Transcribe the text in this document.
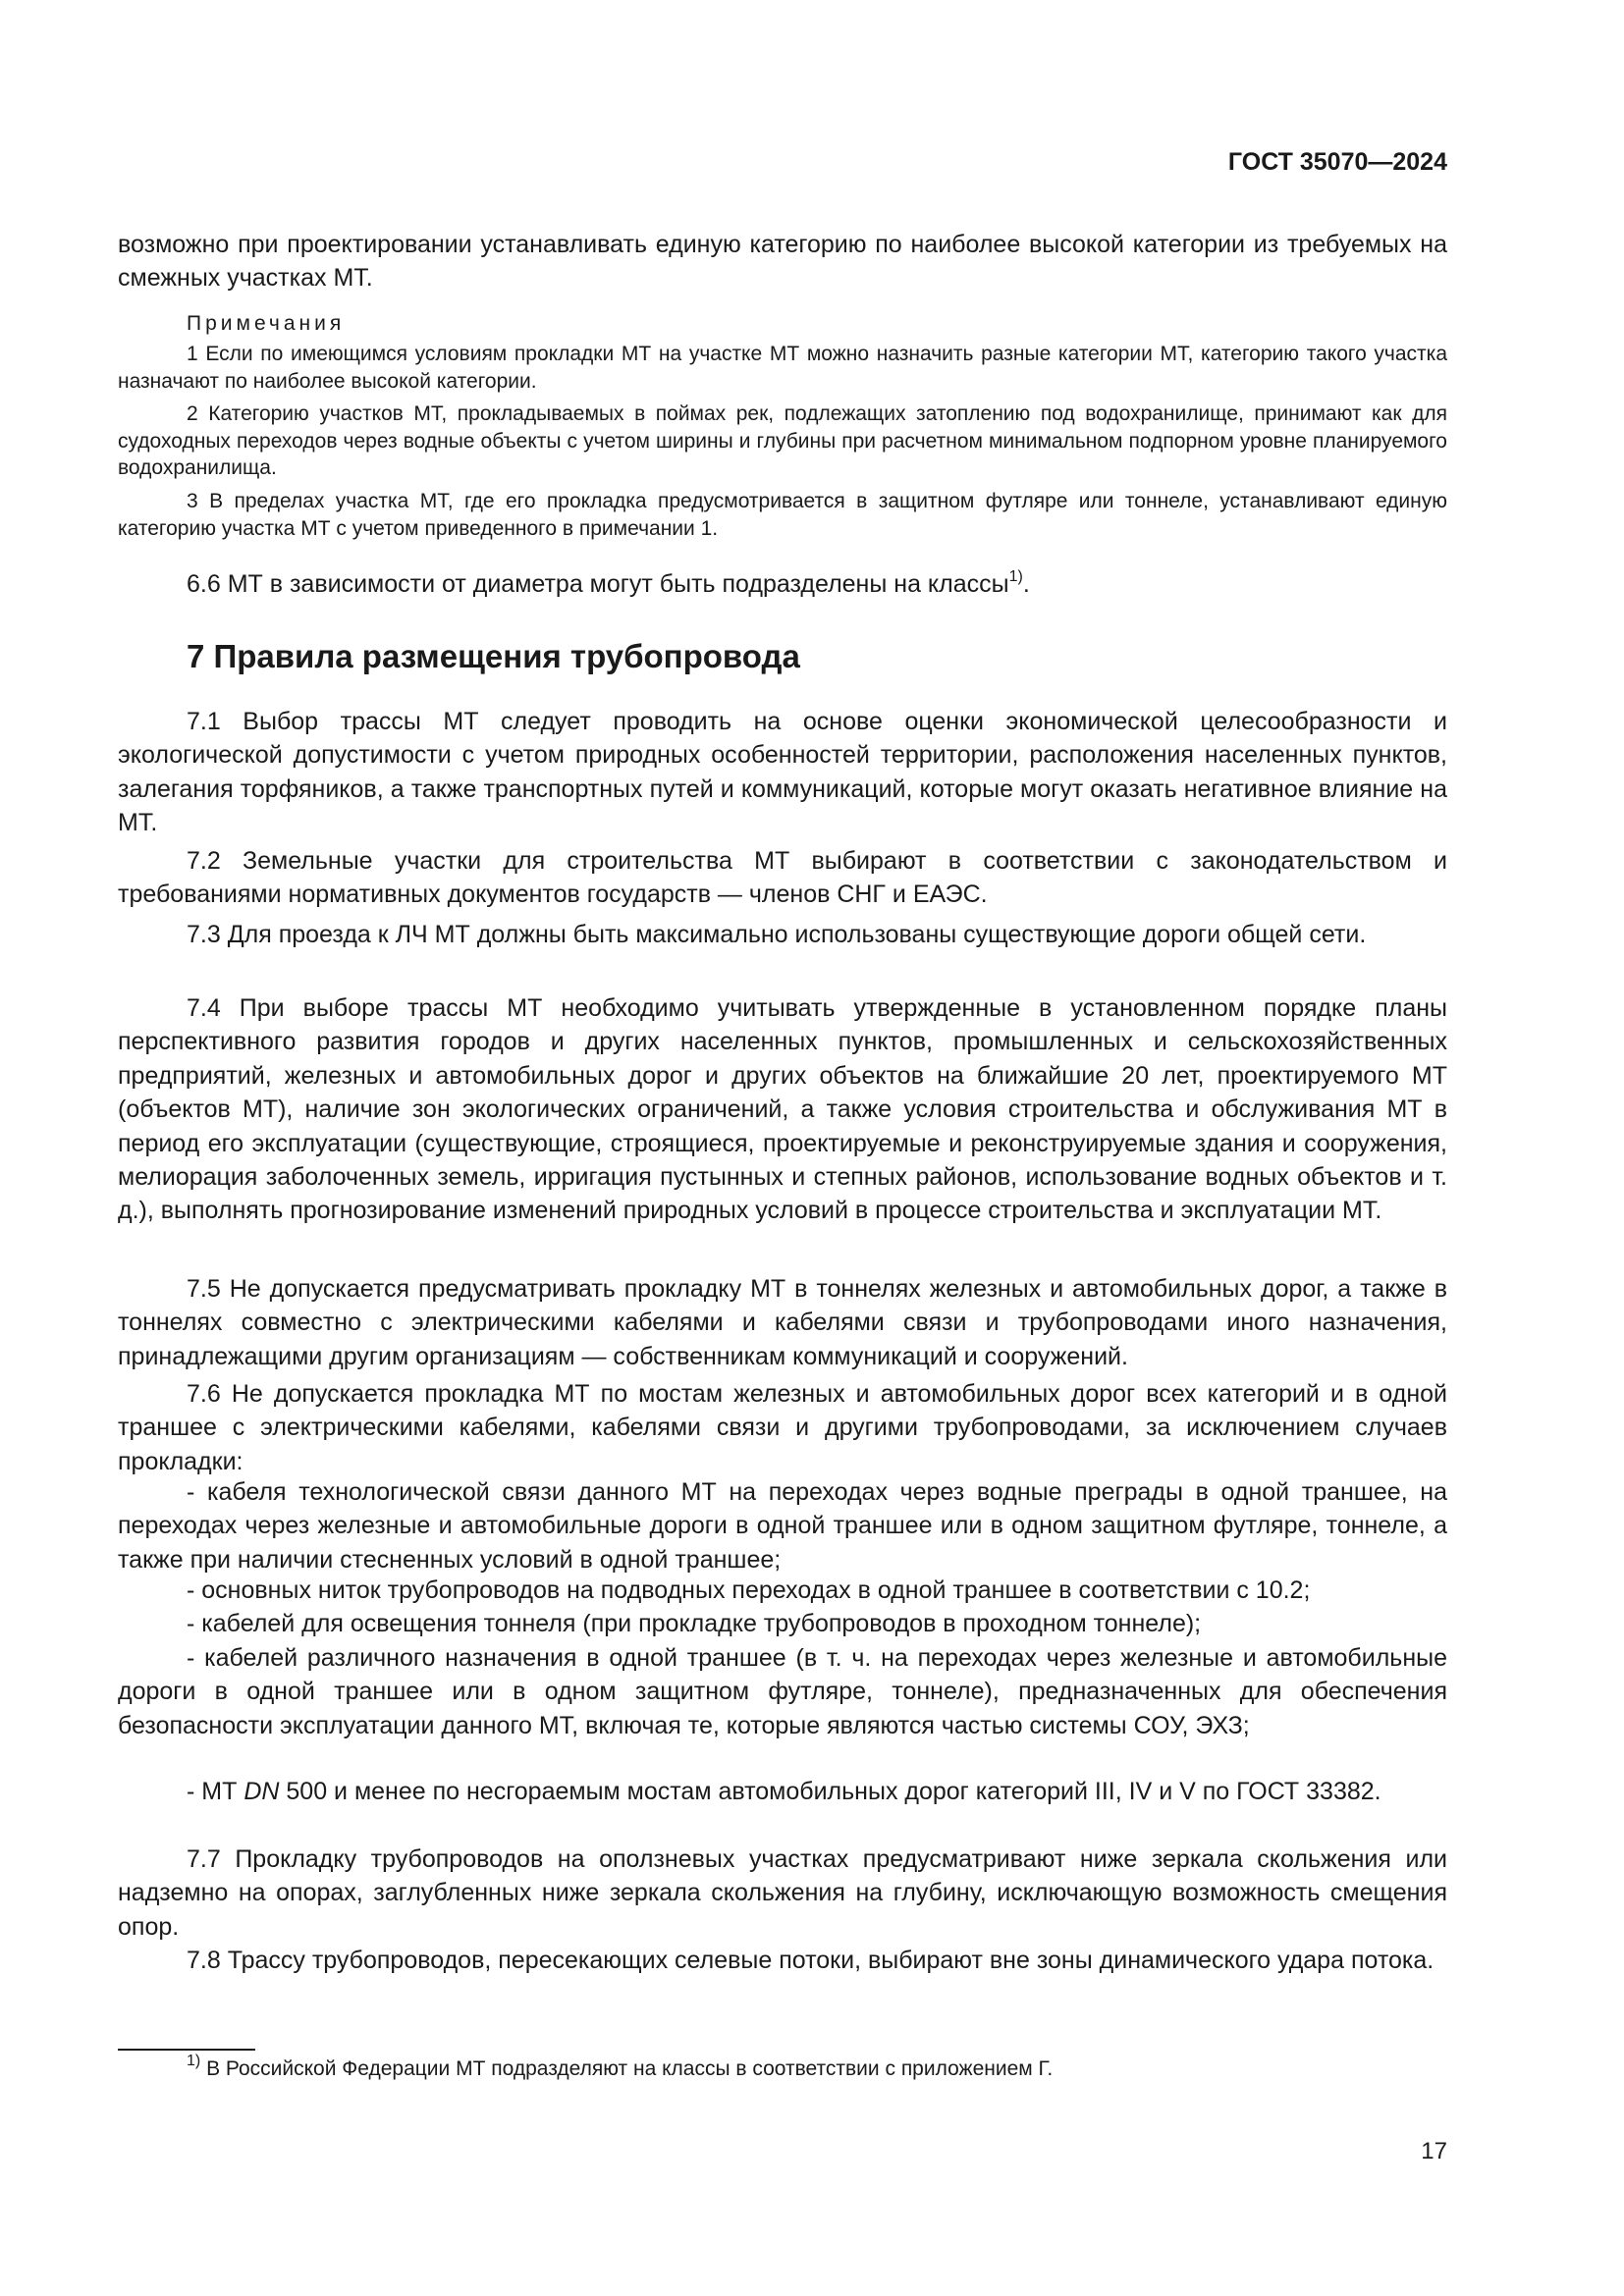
ГОСТ 35070—2024
возможно при проектировании устанавливать единую категорию по наиболее высокой категории из требуемых на смежных участках МТ.
Примечания
1 Если по имеющимся условиям прокладки МТ на участке МТ можно назначить разные категории МТ, категорию такого участка назначают по наиболее высокой категории.
2 Категорию участков МТ, прокладываемых в поймах рек, подлежащих затоплению под водохранилище, принимают как для судоходных переходов через водные объекты с учетом ширины и глубины при расчетном минимальном подпорном уровне планируемого водохранилища.
3 В пределах участка МТ, где его прокладка предусмотривается в защитном футляре или тоннеле, устанавливают единую категорию участка МТ с учетом приведенного в примечании 1.
6.6 МТ в зависимости от диаметра могут быть подразделены на классы$^{1)}$.
7 Правила размещения трубопровода
7.1 Выбор трассы МТ следует проводить на основе оценки экономической целесообразности и экологической допустимости с учетом природных особенностей территории, расположения населенных пунктов, залегания торфяников, а также транспортных путей и коммуникаций, которые могут оказать негативное влияние на МТ.
7.2 Земельные участки для строительства МТ выбирают в соответствии с законодательством и требованиями нормативных документов государств — членов СНГ и ЕАЭС.
7.3 Для проезда к ЛЧ МТ должны быть максимально использованы существующие дороги общей сети.
7.4 При выборе трассы МТ необходимо учитывать утвержденные в установленном порядке планы перспективного развития городов и других населенных пунктов, промышленных и сельскохозяйственных предприятий, железных и автомобильных дорог и других объектов на ближайшие 20 лет, проектируемого МТ (объектов МТ), наличие зон экологических ограничений, а также условия строительства и обслуживания МТ в период его эксплуатации (существующие, строящиеся, проектируемые и реконструируемые здания и сооружения, мелиорация заболоченных земель, ирригация пустынных и степных районов, использование водных объектов и т. д.), выполнять прогнозирование изменений природных условий в процессе строительства и эксплуатации МТ.
7.5 Не допускается предусматривать прокладку МТ в тоннелях железных и автомобильных дорог, а также в тоннелях совместно с электрическими кабелями и кабелями связи и трубопроводами иного назначения, принадлежащими другим организациям — собственникам коммуникаций и сооружений.
7.6 Не допускается прокладка МТ по мостам железных и автомобильных дорог всех категорий и в одной траншее с электрическими кабелями, кабелями связи и другими трубопроводами, за исключением случаев прокладки:
- кабеля технологической связи данного МТ на переходах через водные преграды в одной траншее, на переходах через железные и автомобильные дороги в одной траншее или в одном защитном футляре, тоннеле, а также при наличии стесненных условий в одной траншее;
- основных ниток трубопроводов на подводных переходах в одной траншее в соответствии с 10.2;
- кабелей для освещения тоннеля (при прокладке трубопроводов в проходном тоннеле);
- кабелей различного назначения в одной траншее (в т. ч. на переходах через железные и автомобильные дороги в одной траншее или в одном защитном футляре, тоннеле), предназначенных для обеспечения безопасности эксплуатации данного МТ, включая те, которые являются частью системы СОУ, ЭХЗ;
- МТ DN 500 и менее по несгораемым мостам автомобильных дорог категорий III, IV и V по ГОСТ 33382.
7.7 Прокладку трубопроводов на оползневых участках предусматривают ниже зеркала скольжения или надземно на опорах, заглубленных ниже зеркала скольжения на глубину, исключающую возможность смещения опор.
7.8 Трассу трубопроводов, пересекающих селевые потоки, выбирают вне зоны динамического удара потока.
$^{1)}$ В Российской Федерации МТ подразделяют на классы в соответствии с приложением Г.
17
